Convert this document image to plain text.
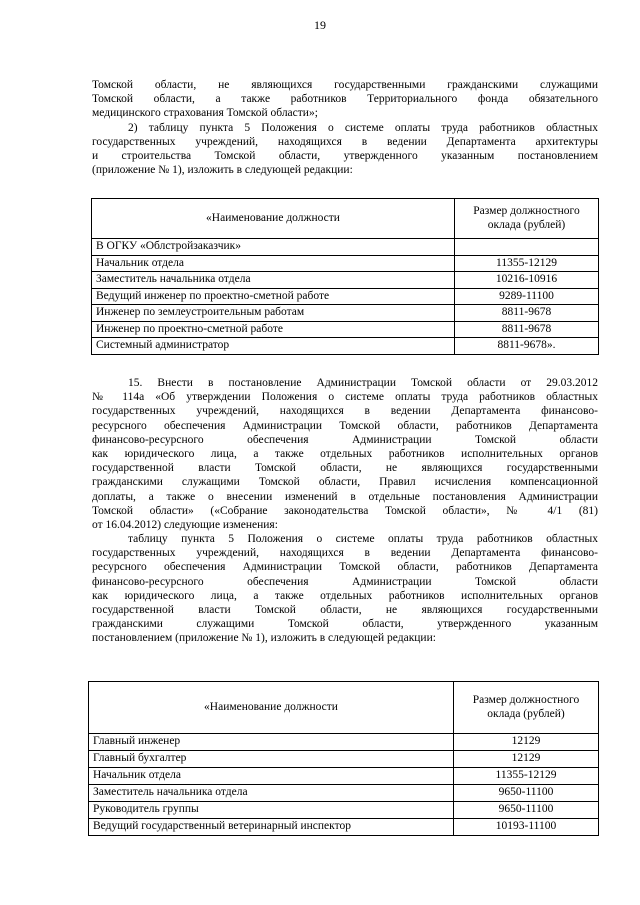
19
Томской области, не являющихся государственными гражданскими служащими
Томской области, а также работников Территориального фонда обязательного
медицинского страхования Томской области»;
2) таблицу пункта 5 Положения о системе оплаты труда работников областных
государственных учреждений, находящихся в ведении Департамента архитектуры
и строительства Томской области, утвержденного указанным постановлением
(приложение № 1), изложить в следующей редакции:
«Наименование должности	Размер должностного оклада (рублей)
В ОГКУ «Облстройзаказчик»	
Начальник отдела	11355-12129
Заместитель начальника отдела	10216-10916
Ведущий инженер по проектно-сметной работе	9289-11100
Инженер по землеустроительным работам	8811-9678
Инженер по проектно-сметной работе	8811-9678
Системный администратор	8811-9678».
15. Внести в постановление Администрации Томской области от 29.03.2012
№ 114а «Об утверждении Положения о системе оплаты труда работников областных
государственных учреждений, находящихся в ведении Департамента финансово-
ресурсного обеспечения Администрации Томской области, работников Департамента
финансово-ресурсного обеспечения Администрации Томской области
как юридического лица, а также отдельных работников исполнительных органов
государственной власти Томской области, не являющихся государственными
гражданскими служащими Томской области, Правил исчисления компенсационной
доплаты, а также о внесении изменений в отдельные постановления Администрации
Томской области» («Собрание законодательства Томской области», № 4/1 (81)
от 16.04.2012) следующие изменения:
таблицу пункта 5 Положения о системе оплаты труда работников областных
государственных учреждений, находящихся в ведении Департамента финансово-
ресурсного обеспечения Администрации Томской области, работников Департамента
финансово-ресурсного обеспечения Администрации Томской области
как юридического лица, а также отдельных работников исполнительных органов
государственной власти Томской области, не являющихся государственными
гражданскими служащими Томской области, утвержденного указанным
постановлением (приложение № 1), изложить в следующей редакции:
«Наименование должности	Размер должностного оклада (рублей)
Главный инженер	12129
Главный бухгалтер	12129
Начальник отдела	11355-12129
Заместитель начальника отдела	9650-11100
Руководитель группы	9650-11100
Ведущий государственный ветеринарный инспектор	10193-11100
